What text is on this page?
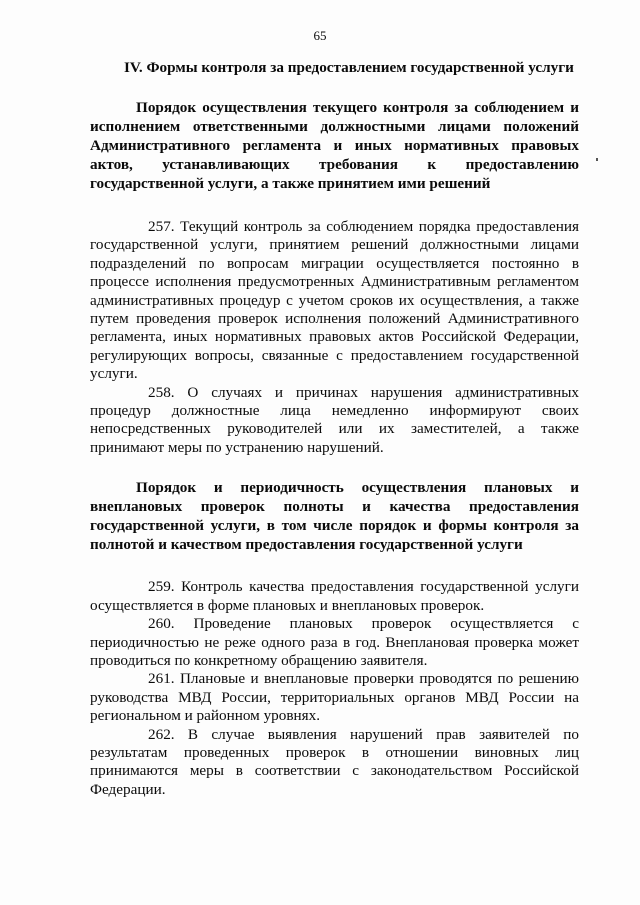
65

IV. Формы контроля за предоставлением государственной услуги

Порядок осуществления текущего контроля за соблюдением и исполнением ответственными должностными лицами положений Административного регламента и иных нормативных правовых актов, устанавливающих требования к предоставлению государственной услуги, а также принятием ими решений

257. Текущий контроль за соблюдением порядка предоставления государственной услуги, принятием решений должностными лицами подразделений по вопросам миграции осуществляется постоянно в процессе исполнения предусмотренных Административным регламентом административных процедур с учетом сроков их осуществления, а также путем проведения проверок исполнения положений Административного регламента, иных нормативных правовых актов Российской Федерации, регулирующих вопросы, связанные с предоставлением государственной услуги.

258. О случаях и причинах нарушения административных процедур должностные лица немедленно информируют своих непосредственных руководителей или их заместителей, а также принимают меры по устранению нарушений.

Порядок и периодичность осуществления плановых и внеплановых проверок полноты и качества предоставления государственной услуги, в том числе порядок и формы контроля за полнотой и качеством предоставления государственной услуги

259. Контроль качества предоставления государственной услуги осуществляется в форме плановых и внеплановых проверок.

260. Проведение плановых проверок осуществляется с периодичностью не реже одного раза в год. Внеплановая проверка может проводиться по конкретному обращению заявителя.

261. Плановые и внеплановые проверки проводятся по решению руководства МВД России, территориальных органов МВД России на региональном и районном уровнях.

262. В случае выявления нарушений прав заявителей по результатам проведенных проверок в отношении виновных лиц принимаются меры в соответствии с законодательством Российской Федерации.
